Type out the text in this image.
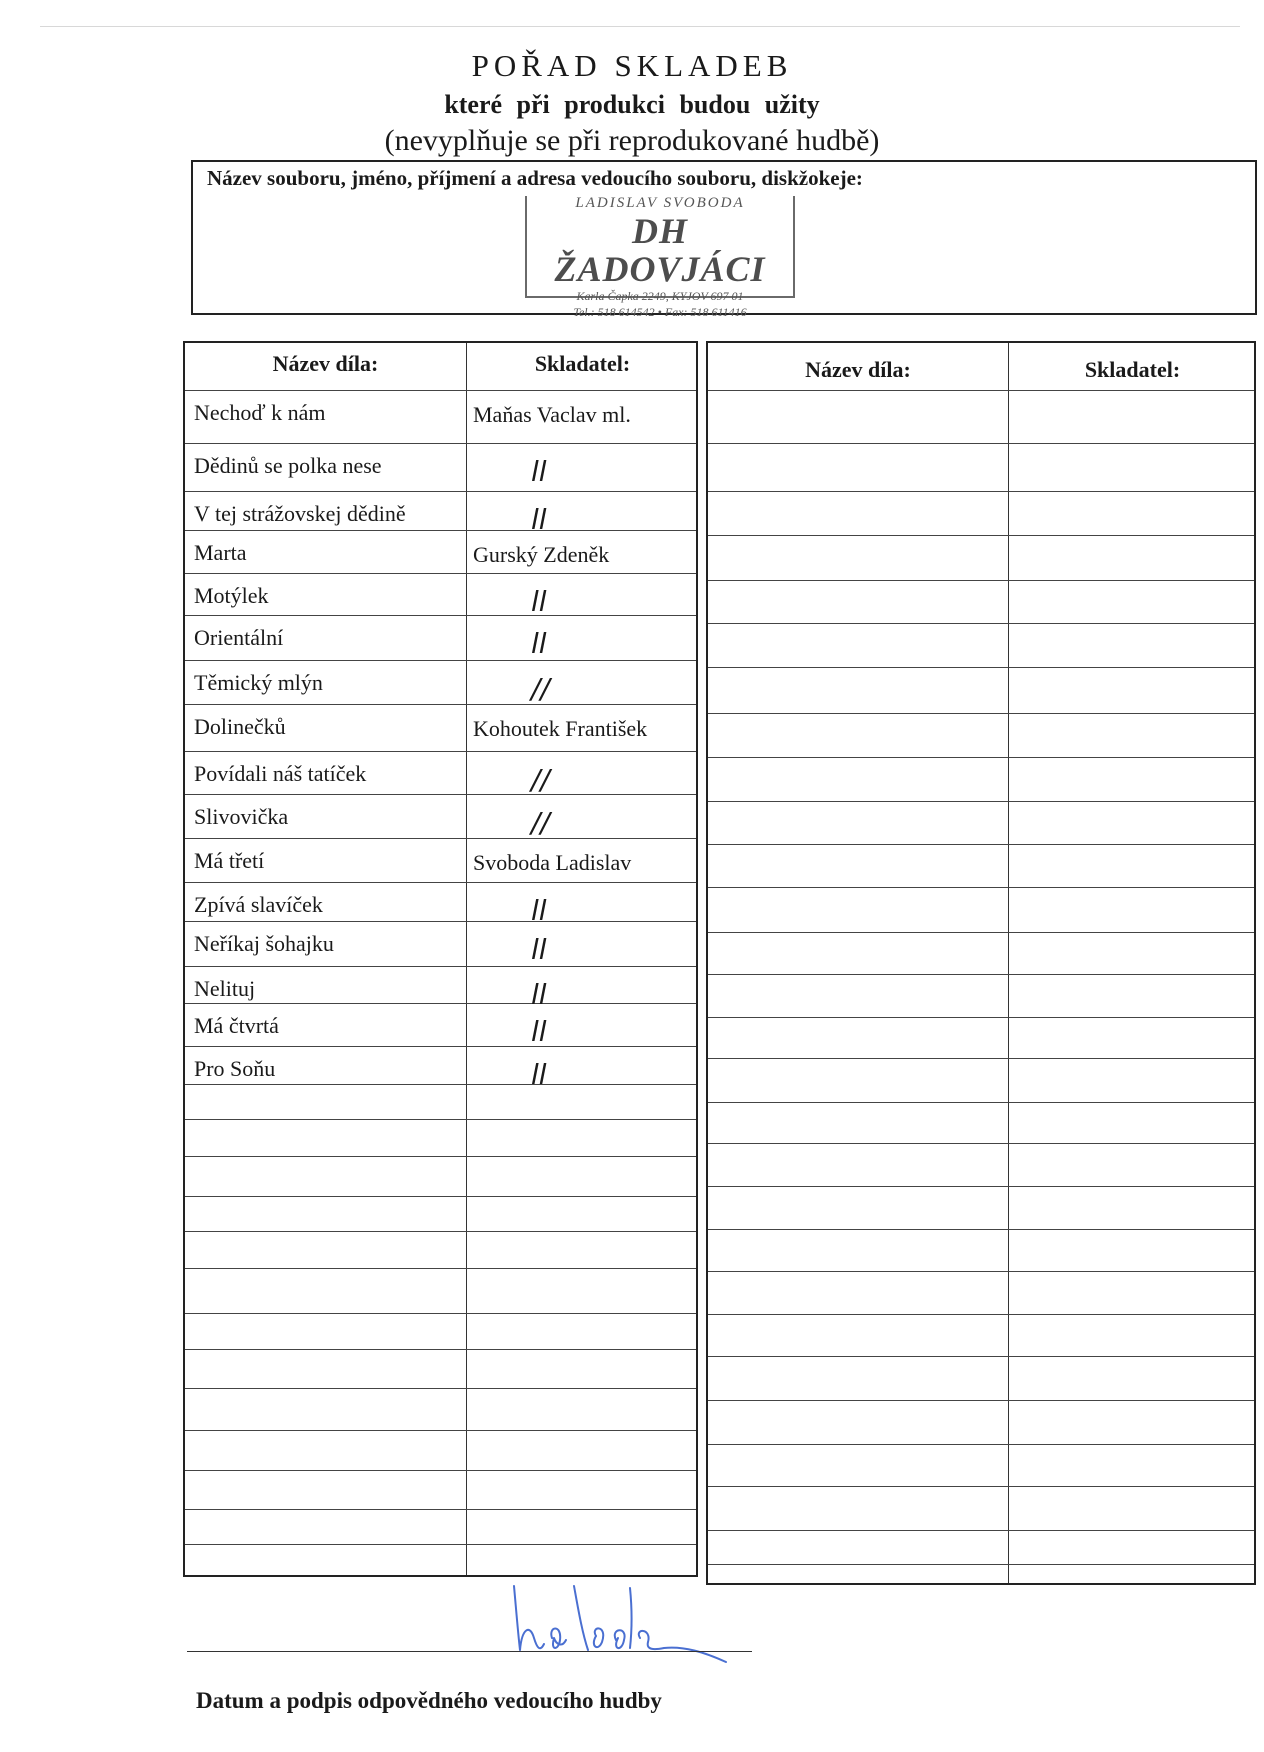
POŘAD SKLADEB
které při produkci budou užity
(nevyplňuje se při reprodukované hudbě)
Název souboru, jméno, příjmení a adresa vedoucího souboru, diskžokeje:
LADISLAV SVOBODA
DH ŽADOVJÁCI
Karla Čapka 2249, KYJOV 697 01
Tel.: 518 614542 • Fax: 518 611416
Název díla:	Skladatel:
Nechoď k nám	Maňas Vaclav ml.
Dědinů se polka nese	ll
V tej strážovskej dědině	ll
Marta	Gurský Zdeněk
Motýlek	ll
Orientální	ll
Těmický mlýn	//
Dolinečků	Kohoutek František
Povídali náš tatíček	//
Slivovička	//
Má třetí	Svoboda Ladislav
Zpívá slavíček	ll
Neříkaj šohajku	ll
Nelituj	ll
Má čtvrtá	ll
Pro Soňu	ll
Název díla:	Skladatel:
Datum a podpis odpovědného vedoucího hudby
